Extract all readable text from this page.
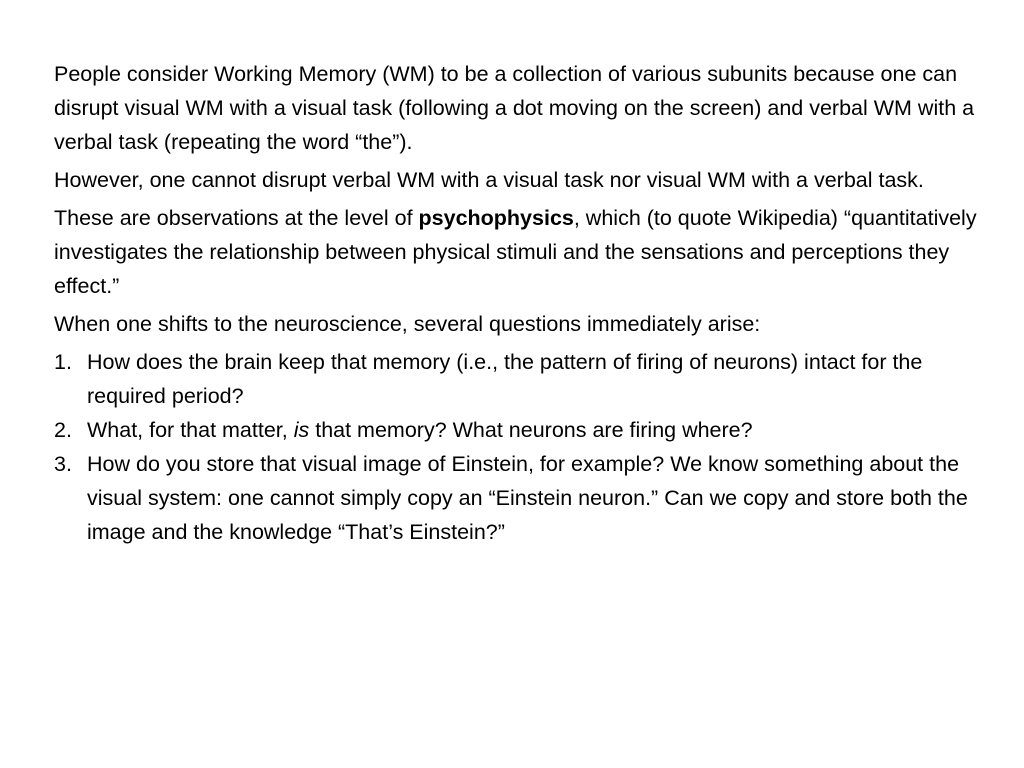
People consider Working Memory (WM) to be a collection of various subunits because one can disrupt visual WM with a visual task (following a dot moving on the screen) and verbal WM with a verbal task (repeating the word “the”).

However, one cannot disrupt verbal WM with a visual task nor visual WM with a verbal task.

These are observations at the level of psychophysics, which (to quote Wikipedia) “quantitatively investigates the relationship between physical stimuli and the sensations and perceptions they effect.”

When one shifts to the neuroscience, several questions immediately arise:

1. How does the brain keep that memory (i.e., the pattern of firing of neurons) intact for the required period?
2. What, for that matter, is that memory? What neurons are firing where?
3. How do you store that visual image of Einstein, for example? We know something about the visual system: one cannot simply copy an “Einstein neuron.” Can we copy and store both the image and the knowledge “That’s Einstein?”
